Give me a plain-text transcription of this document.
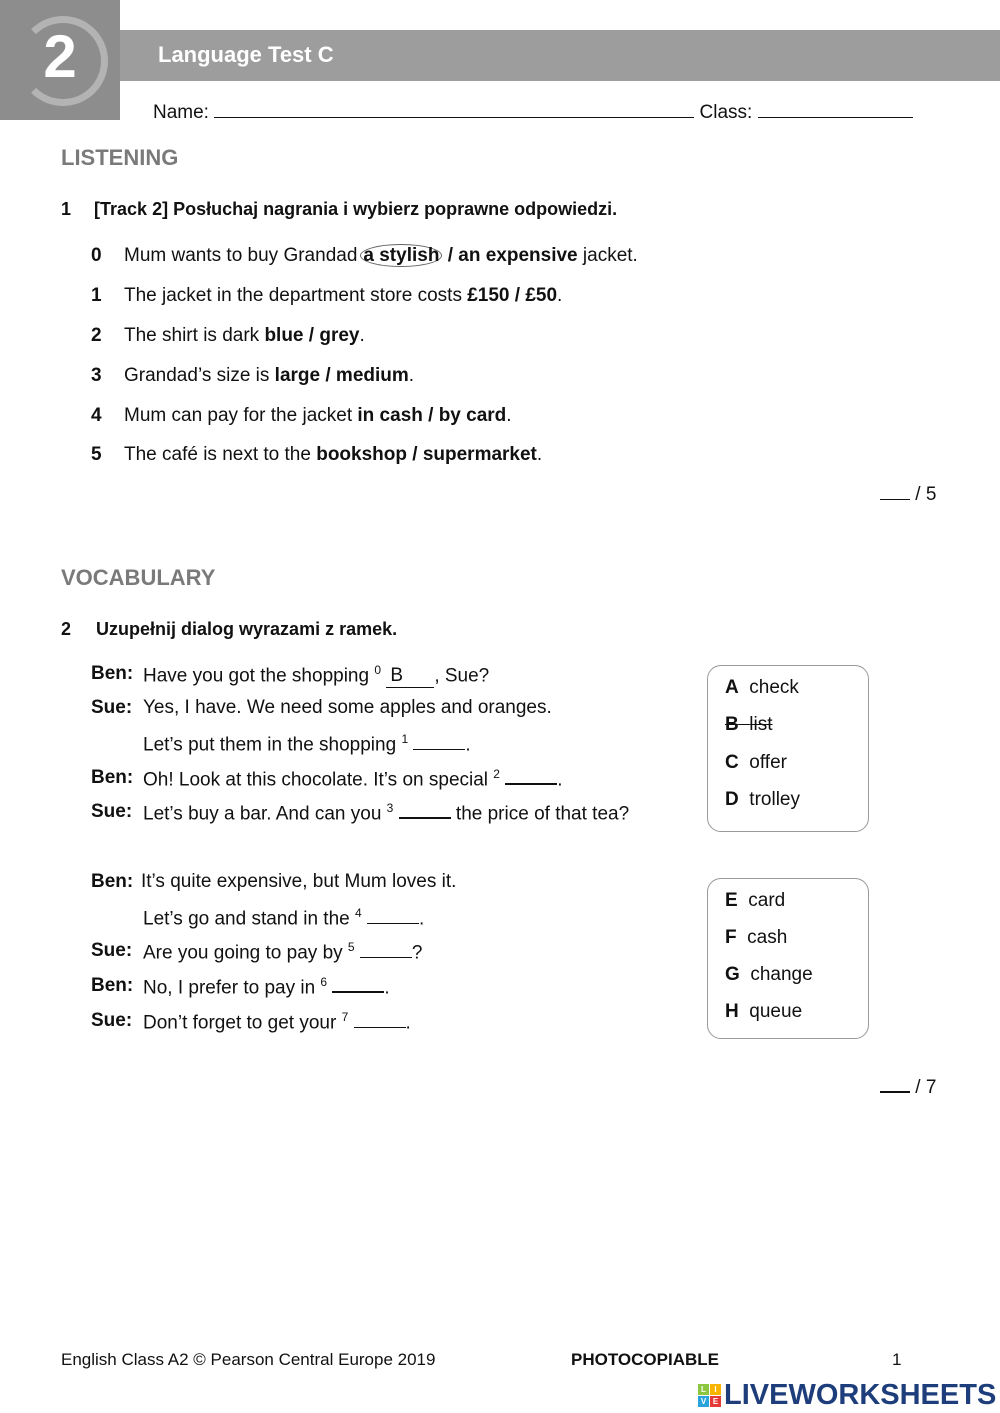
2	Language Test C
Name:	Class:
LISTENING
1 [Track 2] Posłuchaj nagrania i wybierz poprawne odpowiedzi.
0 Mum wants to buy Grandad a stylish / an expensive jacket.
1 The jacket in the department store costs £150 / £50.
2 The shirt is dark blue / grey.
3 Grandad’s size is large / medium.
4 Mum can pay for the jacket in cash / by card.
5 The café is next to the bookshop / supermarket.
/ 5
VOCABULARY
2 Uzupełnij dialog wyrazami z ramek.
Ben: Have you got the shopping $^0$ B , Sue?
Sue: Yes, I have. We need some apples and oranges.
Let’s put them in the shopping $^1$	.
Ben: Oh! Look at this chocolate. It’s on special $^2$	.
Sue: Let’s buy a bar. And can you $^3$	the price of that tea?
Ben: It’s quite expensive, but Mum loves it.
Let’s go and stand in the $^4$	.
Sue: Are you going to pay by $^5$	?
Ben: No, I prefer to pay in $^6$	.
Sue: Don’t forget to get your $^7$	.
A check
B list
C offer
D trolley
E card
F cash
G change
H queue
/ 7
English Class A2 © Pearson Central Europe 2019	PHOTOCOPIABLE	1
L	I
V E LIVEWORKSHEETS
